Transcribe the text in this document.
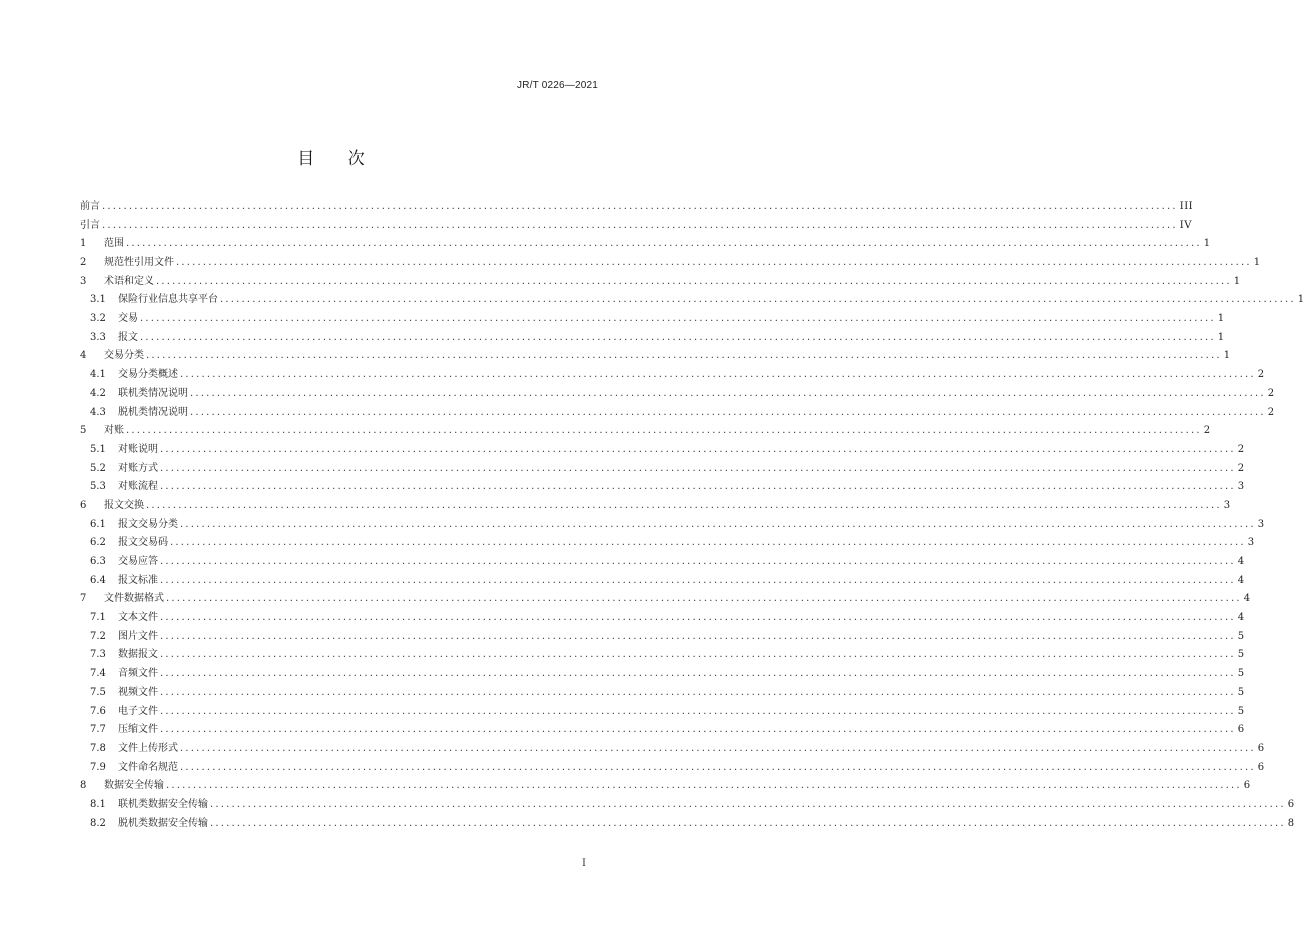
JR/T 0226—2021
目 次
前言 ........................................................................................................................................................................................................ III
引言 ........................................................................................................................................................................................................ IV
1	范围 ........................................................................................................................................................................................................ 1
2	规范性引用文件 ........................................................................................................................................................................................................ 1
3	术语和定义 ........................................................................................................................................................................................................ 1
3.1	保险行业信息共享平台 ........................................................................................................................................................................................................ 1
3.2	交易 ........................................................................................................................................................................................................ 1
3.3	报文 ........................................................................................................................................................................................................ 1
4	交易分类 ........................................................................................................................................................................................................ 1
4.1	交易分类概述 ........................................................................................................................................................................................................ 2
4.2	联机类情况说明 ........................................................................................................................................................................................................ 2
4.3	脱机类情况说明 ........................................................................................................................................................................................................ 2
5	对账 ........................................................................................................................................................................................................ 2
5.1	对账说明 ........................................................................................................................................................................................................ 2
5.2	对账方式 ........................................................................................................................................................................................................ 2
5.3	对账流程 ........................................................................................................................................................................................................ 3
6	报文交换 ........................................................................................................................................................................................................ 3
6.1	报文交易分类 ........................................................................................................................................................................................................ 3
6.2	报文交易码 ........................................................................................................................................................................................................ 3
6.3	交易应答 ........................................................................................................................................................................................................ 4
6.4	报文标准 ........................................................................................................................................................................................................ 4
7	文件数据格式 ........................................................................................................................................................................................................ 4
7.1	文本文件 ........................................................................................................................................................................................................ 4
7.2	图片文件 ........................................................................................................................................................................................................ 5
7.3	数据报文 ........................................................................................................................................................................................................ 5
7.4	音频文件 ........................................................................................................................................................................................................ 5
7.5	视频文件 ........................................................................................................................................................................................................ 5
7.6	电子文件 ........................................................................................................................................................................................................ 5
7.7	压缩文件 ........................................................................................................................................................................................................ 6
7.8	文件上传形式 ........................................................................................................................................................................................................ 6
7.9	文件命名规范 ........................................................................................................................................................................................................ 6
8	数据安全传输 ........................................................................................................................................................................................................ 6
8.1	联机类数据安全传输 ........................................................................................................................................................................................................ 6
8.2	脱机类数据安全传输 ........................................................................................................................................................................................................ 8
I
